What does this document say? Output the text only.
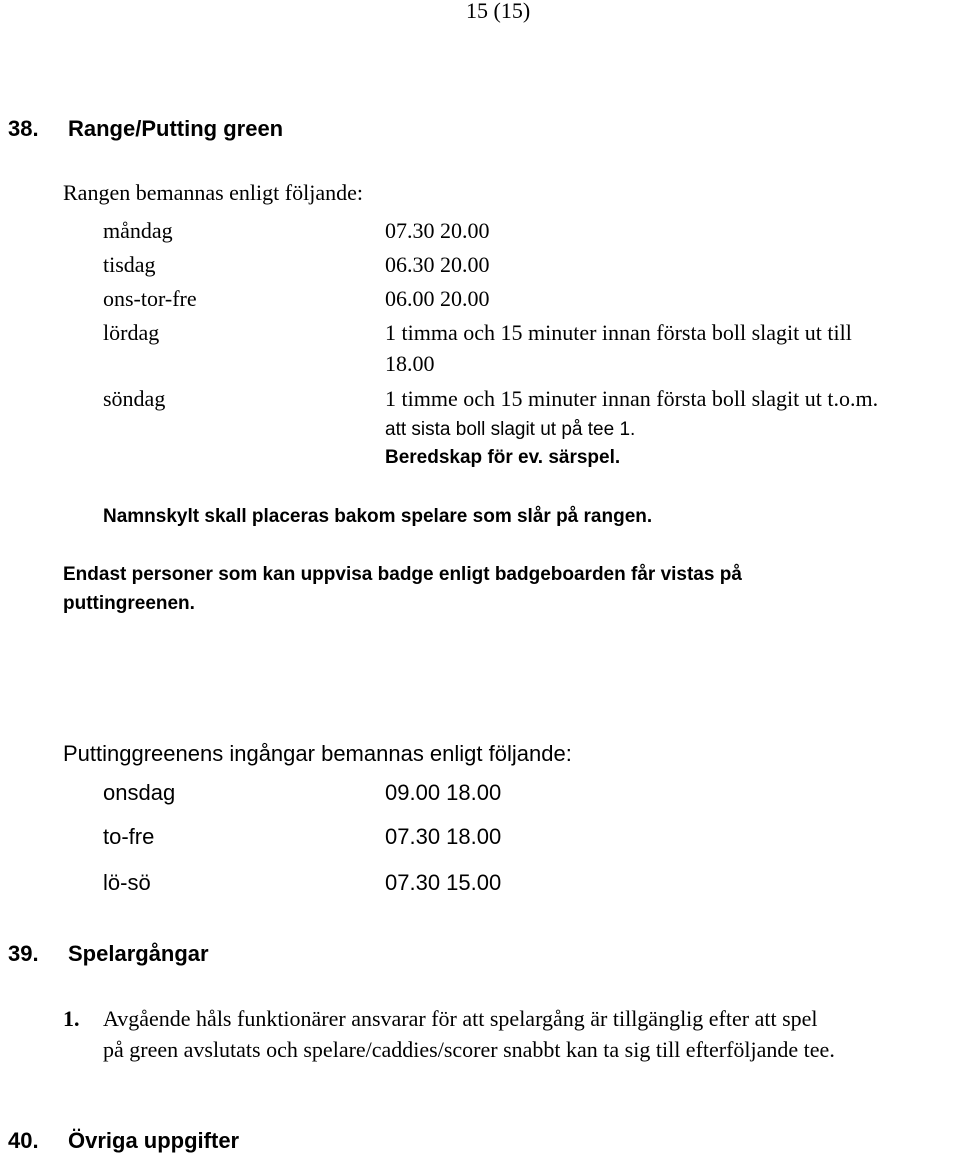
15 (15)
38. Range/Putting green
Rangen bemannas enligt följande:
måndag	07.30 20.00
tisdag	06.30 20.00
ons-tor-fre	06.00 20.00
lördag	1 timma och 15 minuter innan första boll slagit ut till
18.00
söndag	1 timme och 15 minuter innan första boll slagit ut t.o.m.
att sista boll slagit ut på tee 1.
Beredskap för ev. särspel.
Namnskylt skall placeras bakom spelare som slår på rangen.
Endast personer som kan uppvisa badge enligt badgeboarden får vistas på
puttingreenen.
Puttinggreenens ingångar bemannas enligt följande:
onsdag	09.00 18.00
to-fre	07.30 18.00
lö-sö	07.30 15.00
39. Spelargångar
1. Avgående håls funktionärer ansvarar för att spelargång är tillgänglig efter att spel
på green avslutats och spelare/caddies/scorer snabbt kan ta sig till efterföljande tee.
40. Övriga uppgifter
